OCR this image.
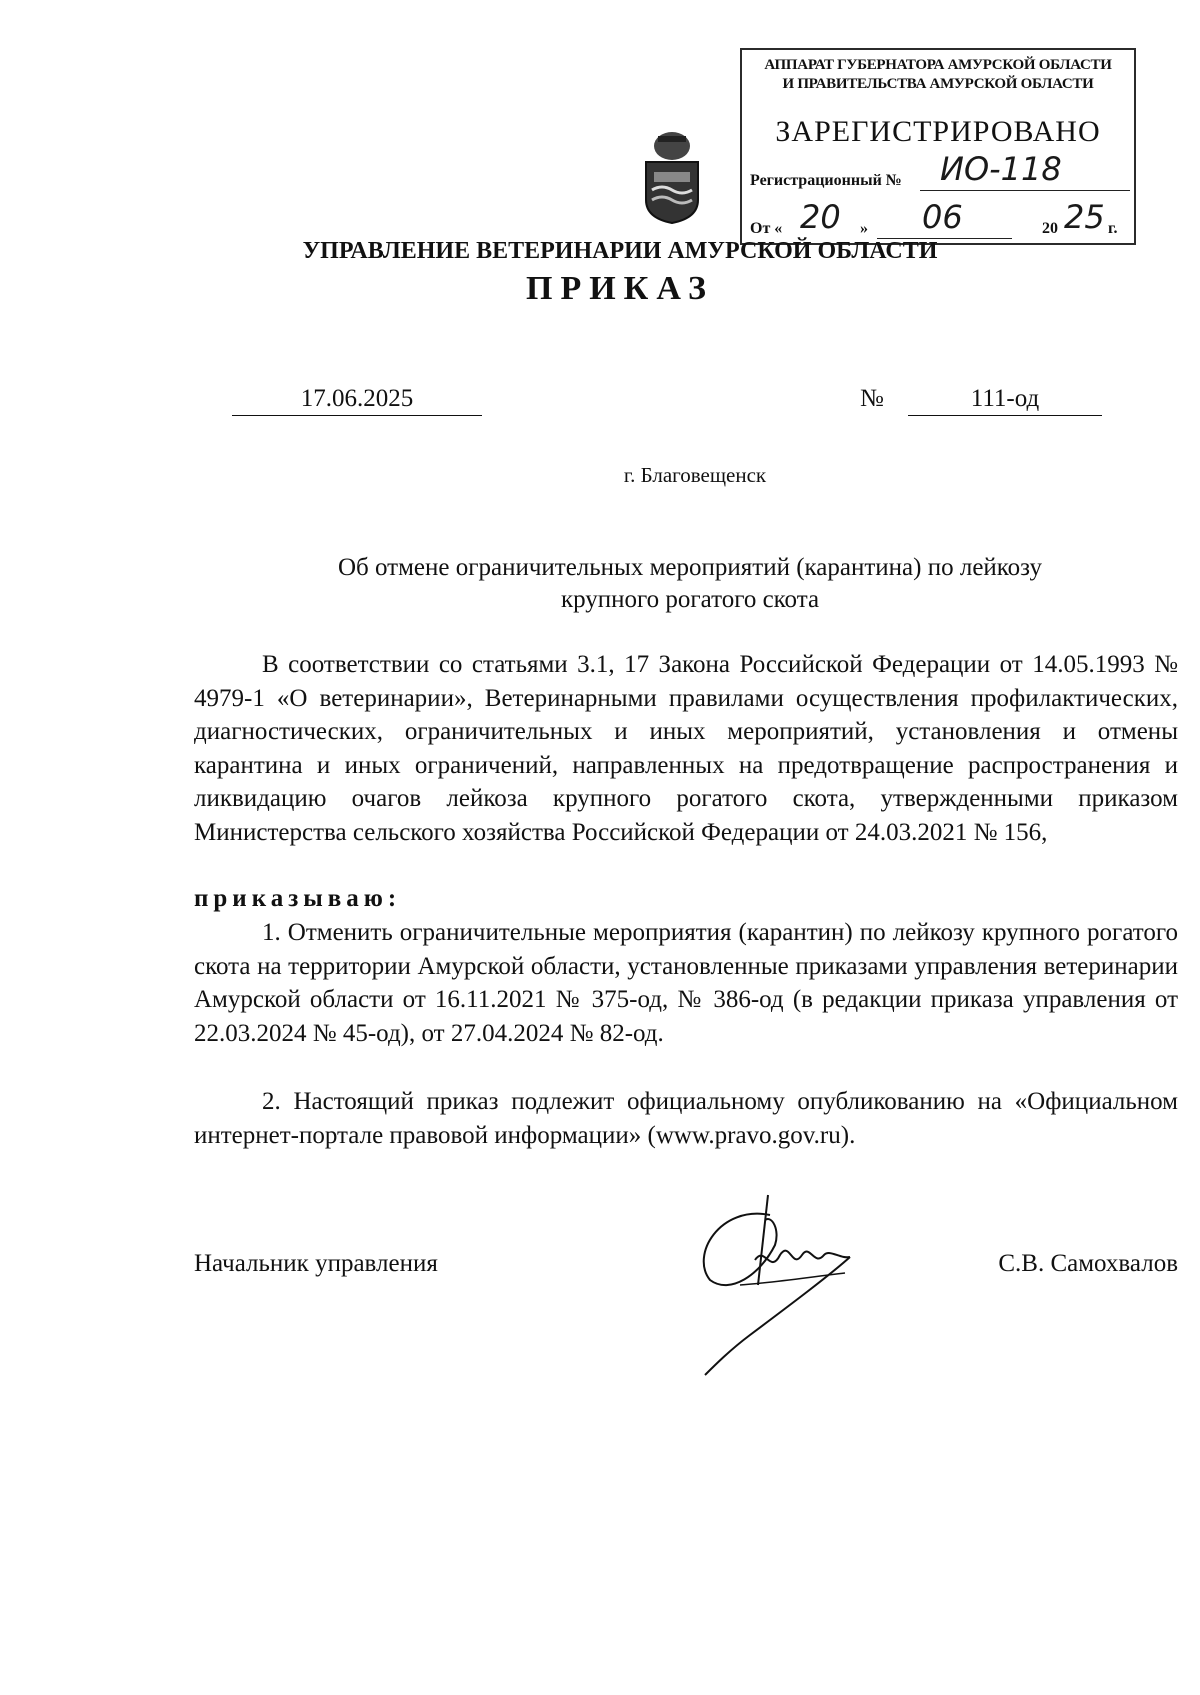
АППАРАТ ГУБЕРНАТОРА АМУРСКОЙ ОБЛАСТИ
И ПРАВИТЕЛЬСТВА АМУРСКОЙ ОБЛАСТИ
ЗАРЕГИСТРИРОВАНО
Регистрационный № ИО-118
От « 20 » 06	20 25 г.
УПРАВЛЕНИЕ ВЕТЕРИНАРИИ АМУРСКОЙ ОБЛАСТИ
ПРИКАЗ
17.06.2025	№	111-од
г. Благовещенск
Об отмене ограничительных мероприятий (карантина) по лейкозу
крупного рогатого скота
В соответствии со статьями 3.1, 17 Закона Российской Федерации от 14.05.1993 № 4979-1 «О ветеринарии», Ветеринарными правилами осуществления профилактических, диагностических, ограничительных и иных мероприятий, установления и отмены карантина и иных ограничений, направленных на предотвращение распространения и ликвидацию очагов лейкоза крупного рогатого скота, утвержденными приказом Министерства сельского хозяйства Российской Федерации от 24.03.2021 № 156,
приказываю:
1. Отменить ограничительные мероприятия (карантин) по лейкозу крупного рогатого скота на территории Амурской области, установленные приказами управления ветеринарии Амурской области от 16.11.2021 № 375-од, № 386-од (в редакции приказа управления от 22.03.2024 № 45-од), от 27.04.2024 № 82-од.
2. Настоящий приказ подлежит официальному опубликованию на «Официальном интернет-портале правовой информации» (www.pravo.gov.ru).
Начальник управления	С.В. Самохвалов
